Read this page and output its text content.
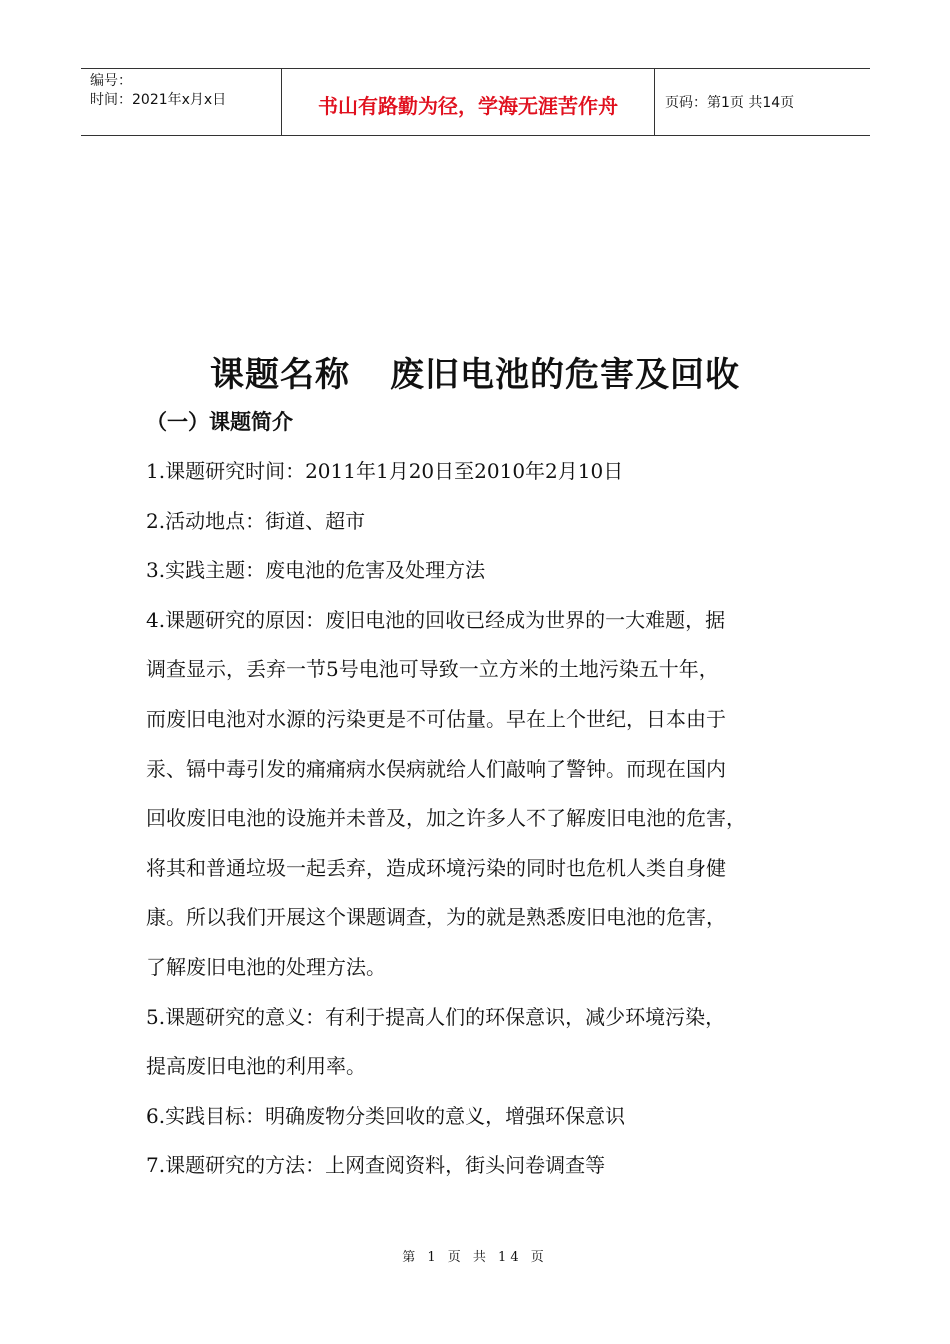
编号：
时间：2021年x月x日	书山有路勤为径，学海无涯苦作舟	页码：第1页 共14页
课题名称 废旧电池的危害及回收
（一）课题简介
1.课题研究时间：2011年1月20日至2010年2月10日
2.活动地点：街道、超市
3.实践主题：废电池的危害及处理方法
4.课题研究的原因：废旧电池的回收已经成为世界的一大难题，据
调查显示，丢弃一节5号电池可导致一立方米的土地污染五十年，
而废旧电池对水源的污染更是不可估量。早在上个世纪，日本由于
汞、镉中毒引发的痛痛病水俣病就给人们敲响了警钟。而现在国内
回收废旧电池的设施并未普及，加之许多人不了解废旧电池的危害，
将其和普通垃圾一起丢弃，造成环境污染的同时也危机人类自身健
康。所以我们开展这个课题调查，为的就是熟悉废旧电池的危害，
了解废旧电池的处理方法。
5.课题研究的意义：有利于提高人们的环保意识，减少环境污染，
提高废旧电池的利用率。
6.实践目标：明确废物分类回收的意义，增强环保意识
7.课题研究的方法：上网查阅资料，街头问卷调查等
第 1 页 共 14 页
